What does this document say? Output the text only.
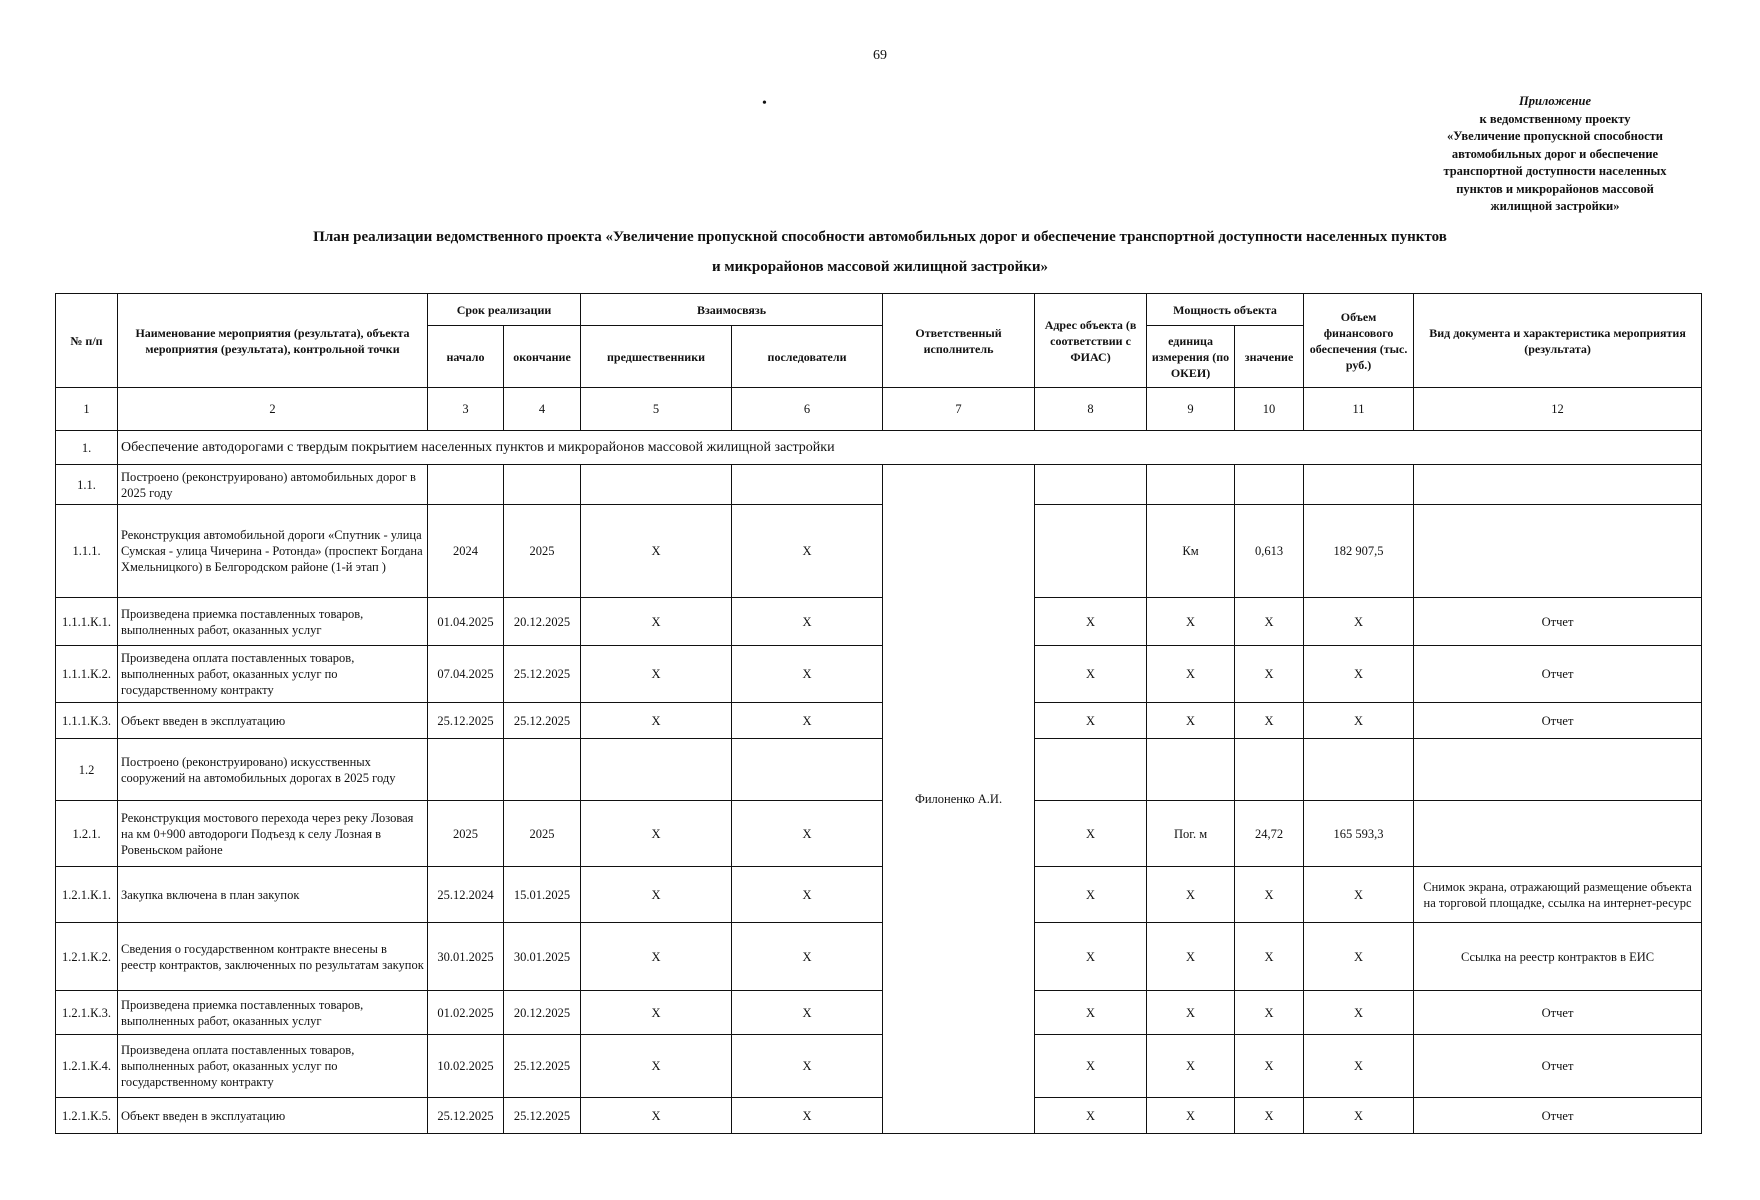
69
•	Приложение
к ведомственному проекту
«Увеличение пропускной способности
автомобильных дорог и обеспечение
транспортной доступности населенных
пунктов и микрорайонов массовой
жилищной застройки»
План реализации ведомственного проекта «Увеличение пропускной способности автомобильных дорог и обеспечение транспортной доступности населенных пунктов
и микрорайонов массовой жилищной застройки»
№ п/п	Наименование мероприятия (результата), объекта мероприятия (результата), контрольной точки	Срок реализации		Взаимосвязь		Ответственный исполнитель	Адрес объекта (в соответствии с ФИАС)	Мощность объекта		Объем финансового обеспечения (тыс. руб.)	Вид документа и характеристика мероприятия (результата)
		начало	окончание	предшественники	последователи			единица измерения (по ОКЕИ)	значение		
1	2	3	4	5	6	7	8	9	10	11	12
1.	Обеспечение автодорогами с твердым покрытием населенных пунктов и микрорайонов массовой жилищной застройки										
1.1.	Построено (реконструировано) автомобильных дорог в 2025 году					Филоненко А.И.					
1.1.1.	Реконструкция автомобильной дороги «Спутник - улица Сумская - улица Чичерина - Ротонда» (проспект Богдана Хмельницкого) в Белгородском районе (1-й этап )	2024	2025	X	X			Км	0,613	182 907,5	
1.1.1.К.1.	Произведена приемка поставленных товаров, выполненных работ, оказанных услуг	01.04.2025	20.12.2025	X	X		X	X	X	X	Отчет
1.1.1.К.2.	Произведена оплата поставленных товаров, выполненных работ, оказанных услуг по государственному контракту	07.04.2025	25.12.2025	X	X		X	X	X	X	Отчет
1.1.1.К.3.	Объект введен в эксплуатацию	25.12.2025	25.12.2025	X	X		X	X	X	X	Отчет
1.2	Построено (реконструировано) искусственных сооружений на автомобильных дорогах в 2025 году										
1.2.1.	Реконструкция мостового перехода через реку Лозовая на км 0+900 автодороги Подъезд к селу Лозная в Ровеньском районе	2025	2025	X	X		X	Пог. м	24,72	165 593,3	
1.2.1.К.1.	Закупка включена в план закупок	25.12.2024	15.01.2025	X	X		X	X	X	X	Снимок экрана, отражающий размещение объекта на торговой площадке, ссылка на интернет-ресурс
1.2.1.К.2.	Сведения о государственном контракте внесены в реестр контрактов, заключенных по результатам закупок	30.01.2025	30.01.2025	X	X		X	X	X	X	Ссылка на реестр контрактов в ЕИС
1.2.1.К.3.	Произведена приемка поставленных товаров, выполненных работ, оказанных услуг	01.02.2025	20.12.2025	X	X		X	X	X	X	Отчет
1.2.1.К.4.	Произведена оплата поставленных товаров, выполненных работ, оказанных услуг по государственному контракту	10.02.2025	25.12.2025	X	X		X	X	X	X	Отчет
1.2.1.К.5.	Объект введен в эксплуатацию	25.12.2025	25.12.2025	X	X		X	X	X	X	Отчет
